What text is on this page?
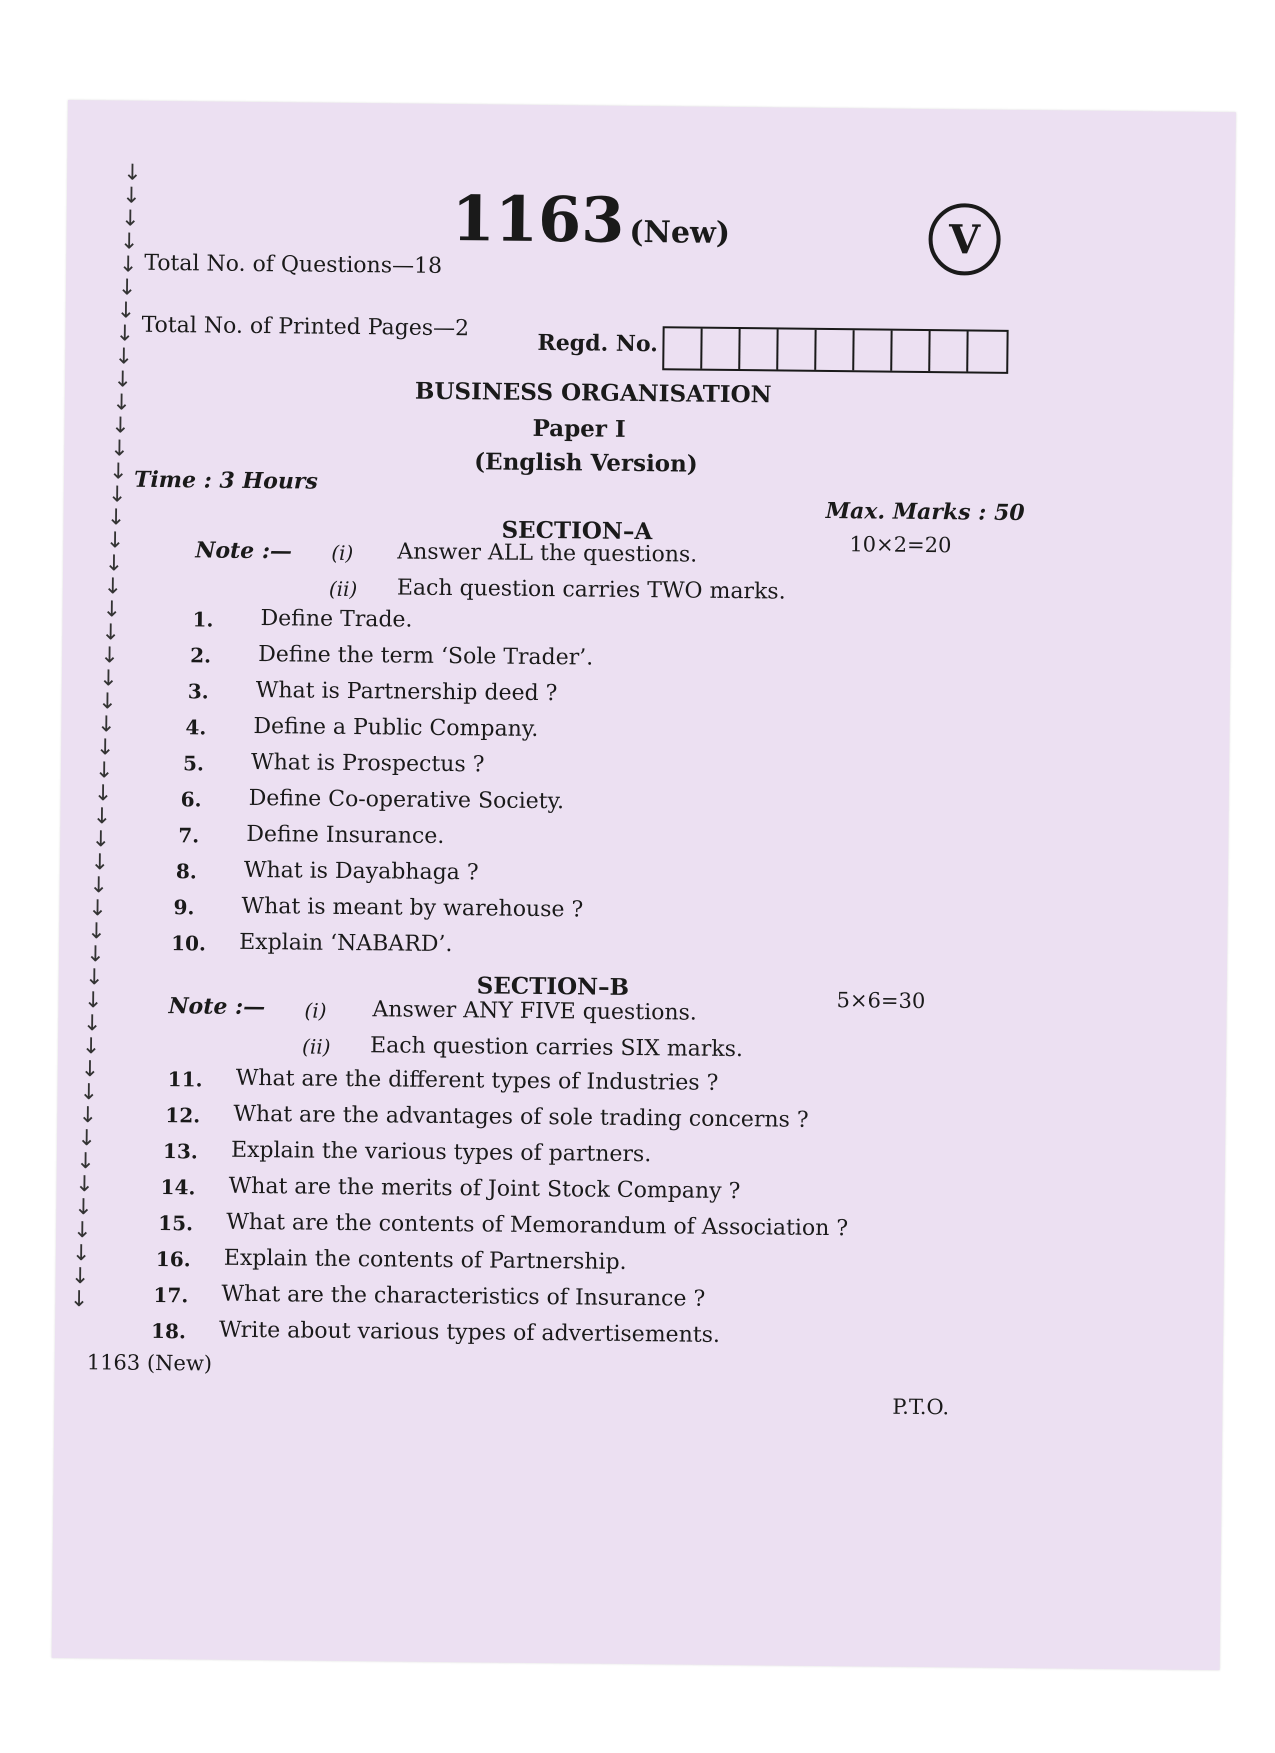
1163 (New)	V
Total No. of Questions—18
Total No. of Printed Pages—2
Regd. No.
BUSINESS ORGANISATION
Paper I
(English Version)
Time : 3 Hours
Max. Marks : 50
SECTION–A	10×2=20
Note :— (i) Answer ALL the questions.
(ii) Each question carries TWO marks.
1. Define Trade.
2. Define the term ‘Sole Trader’.
3. What is Partnership deed ?
4. Define a Public Company.
5. What is Prospectus ?
6. Define Co-operative Society.
7. Define Insurance.
8. What is Dayabhaga ?
9. What is meant by warehouse ?
10. Explain ‘NABARD’.
SECTION–B	5×6=30
Note :— (i) Answer ANY FIVE questions.
(ii) Each question carries SIX marks.
11. What are the different types of Industries ?
12. What are the advantages of sole trading concerns ?
13. Explain the various types of partners.
14. What are the merits of Joint Stock Company ?
15. What are the contents of Memorandum of Association ?
16. Explain the contents of Partnership.
17. What are the characteristics of Insurance ?
18. Write about various types of advertisements.
1163 (New)
P.T.O.
↓
↓
↓
↓
↓
↓
↓
↓
↓
↓
↓
↓
↓
↓
↓
↓
↓
↓
↓
↓
↓
↓
↓
↓
↓
↓
↓
↓
↓
↓
↓
↓
↓
↓
↓
↓
↓
↓
↓
↓
↓
↓
↓
↓
↓
↓
↓
↓
↓
↓
